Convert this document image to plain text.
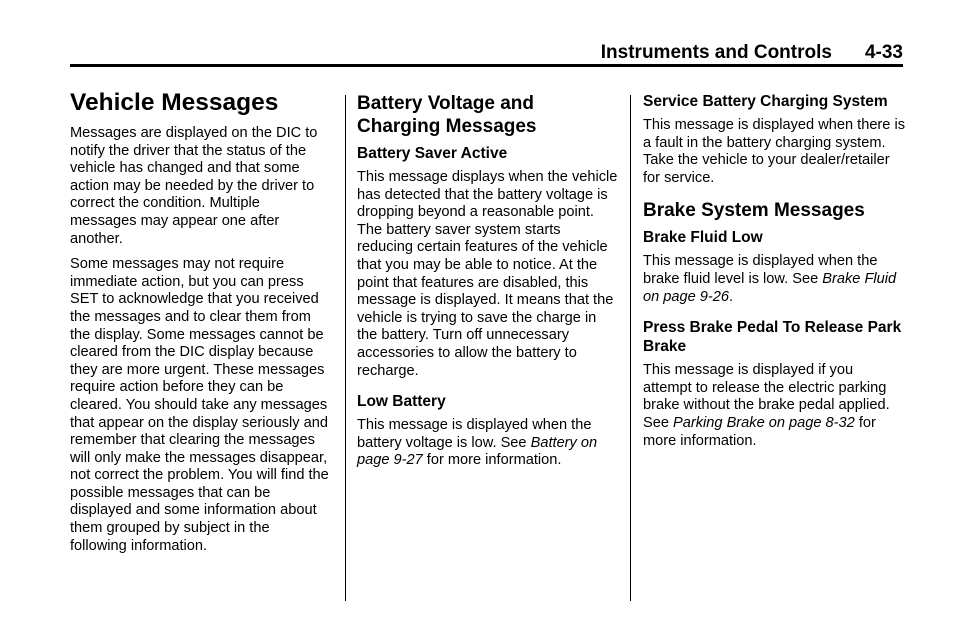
Instruments and Controls 4-33
Vehicle Messages

Messages are displayed on the DIC to notify the driver that the status of the vehicle has changed and that some action may be needed by the driver to correct the condition. Multiple messages may appear one after another.

Some messages may not require immediate action, but you can press SET to acknowledge that you received the messages and to clear them from the display. Some messages cannot be cleared from the DIC display because they are more urgent. These messages require action before they can be cleared. You should take any messages that appear on the display seriously and remember that clearing the messages will only make the messages disappear, not correct the problem. You will find the possible messages that can be displayed and some information about them grouped by subject in the following information.

Battery Voltage and Charging Messages
Battery Saver Active

This message displays when the vehicle has detected that the battery voltage is dropping beyond a reasonable point. The battery saver system starts reducing certain features of the vehicle that you may be able to notice. At the point that features are disabled, this message is displayed. It means that the vehicle is trying to save the charge in the battery. Turn off unnecessary accessories to allow the battery to recharge.

Low Battery

This message is displayed when the battery voltage is low. See Battery on page 9‑27 for more information.

Service Battery Charging System

This message is displayed when there is a fault in the battery charging system. Take the vehicle to your dealer/retailer for service.

Brake System Messages
Brake Fluid Low

This message is displayed when the brake fluid level is low. See Brake Fluid on page 9‑26.

Press Brake Pedal To Release Park Brake

This message is displayed if you attempt to release the electric parking brake without the brake pedal applied. See Parking Brake on page 8‑32 for more information.
